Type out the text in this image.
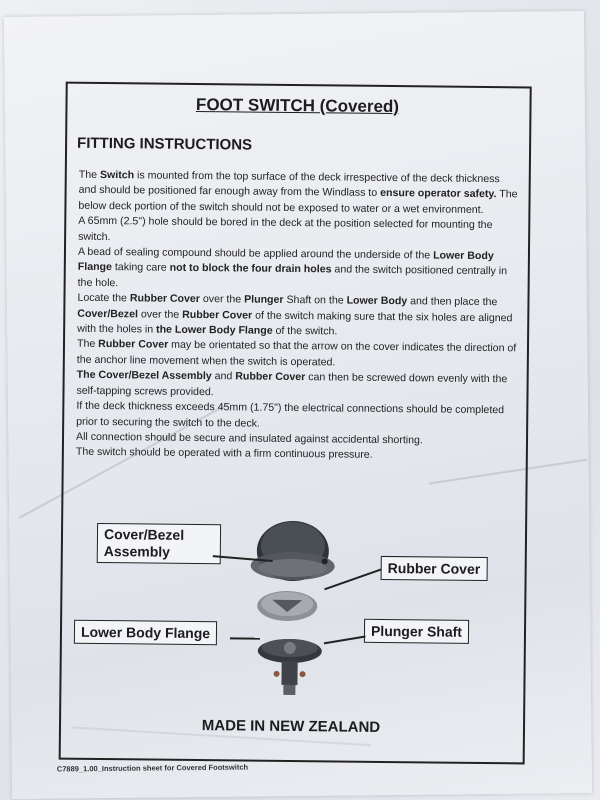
FOOT SWITCH (Covered)
FITTING INSTRUCTIONS

The Switch is mounted from the top surface of the deck irrespective of the deck thickness and should be positioned far enough away from the Windlass to ensure operator safety. The below deck portion of the switch should not be exposed to water or a wet environment.

A 65mm (2.5") hole should be bored in the deck at the position selected for mounting the switch.

A bead of sealing compound should be applied around the underside of the Lower Body Flange taking care not to block the four drain holes and the switch positioned centrally in the hole.

Locate the Rubber Cover over the Plunger Shaft on the Lower Body and then place the Cover/Bezel over the Rubber Cover of the switch making sure that the six holes are aligned with the holes in the Lower Body Flange of the switch.

The Rubber Cover may be orientated so that the arrow on the cover indicates the direction of the anchor line movement when the switch is operated.

The Cover/Bezel Assembly and Rubber Cover can then be screwed down evenly with the self-tapping screws provided.

If the deck thickness exceeds 45mm (1.75") the electrical connections should be completed prior to securing the switch to the deck.

All connection should be secure and insulated against accidental shorting.

The switch should be operated with a firm continuous pressure.

Cover/Bezel Assembly
Rubber Cover
Lower Body Flange	Plunger Shaft
MADE IN NEW ZEALAND
C7889_1.00_Instruction sheet for Covered Footswitch
